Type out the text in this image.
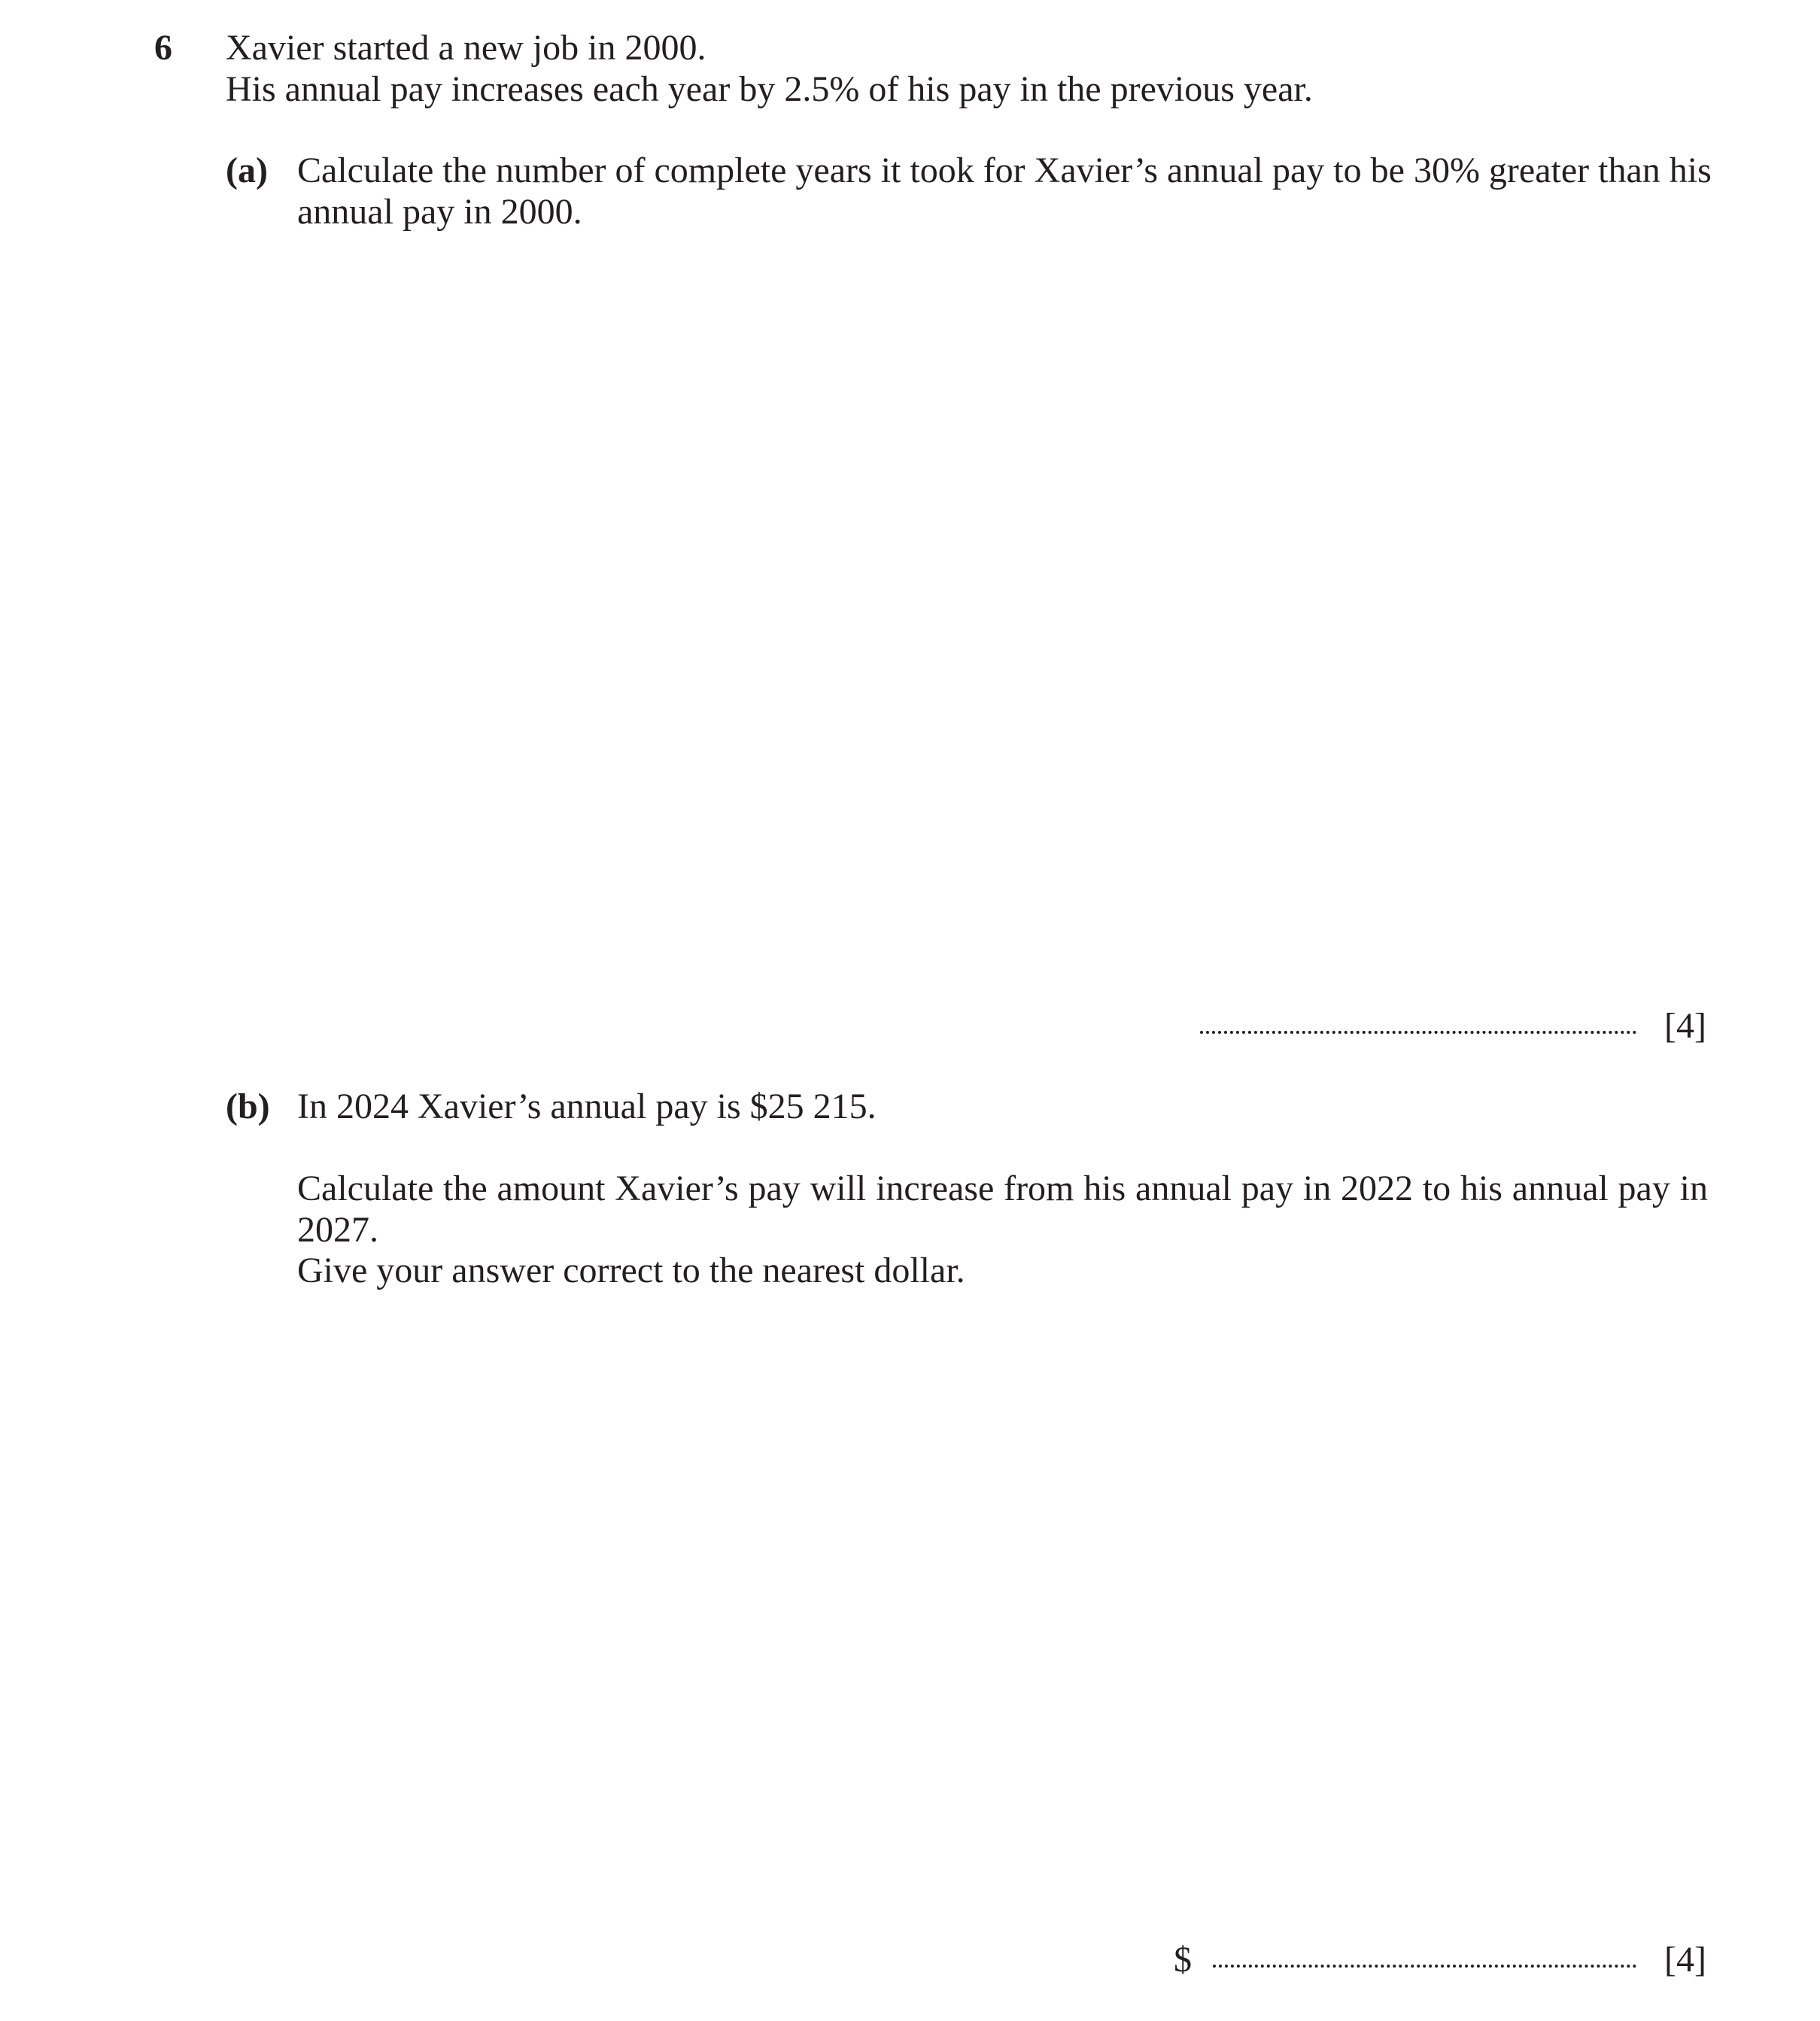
6 Xavier started a new job in 2000.
His annual pay increases each year by 2.5% of his pay in the previous year.
(a) Calculate the number of complete years it took for Xavier’s annual pay to be 30% greater than his
annual pay in 2000.
[4]
(b) In 2024 Xavier’s annual pay is $25 215.
Calculate the amount Xavier’s pay will increase from his annual pay in 2022 to his annual pay in
2027.
Give your answer correct to the nearest dollar.
$	[4]
